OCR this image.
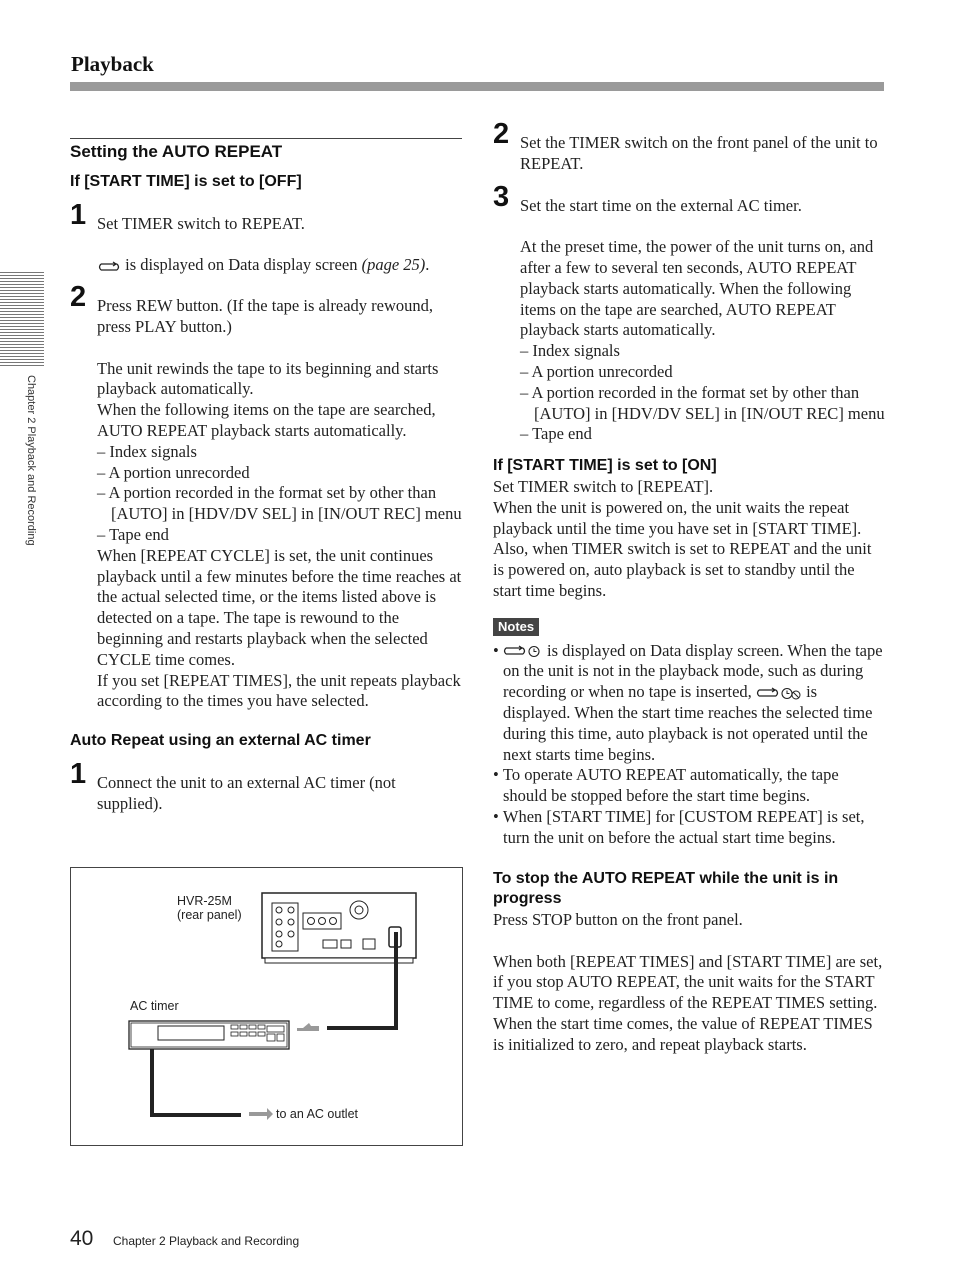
Playback
Chapter 2 Playback and Recording
Setting the AUTO REPEAT
If [START TIME] is set to [OFF]
1 Set TIMER switch to REPEAT.

is displayed on Data display screen (page 25).

2 Press REW button. (If the tape is already rewound, press PLAY button.)

The unit rewinds the tape to its beginning and starts playback automatically.

When the following items on the tape are searched, AUTO REPEAT playback starts automatically.

– Index signals

– A portion unrecorded

– A portion recorded in the format set by other than [AUTO] in [HDV/DV SEL] in [IN/OUT REC] menu

– Tape end

When [REPEAT CYCLE] is set, the unit continues playback until a few minutes before the time reaches at the actual selected time, or the items listed above is detected on a tape. The tape is rewound to the beginning and restarts playback when the selected CYCLE time comes.

If you set [REPEAT TIMES], the unit repeats playback according to the times you have selected.

Auto Repeat using an external AC timer
1 Connect the unit to an external AC timer (not supplied).

HVR-25M
(rear panel)
AC timer
to an AC outlet
2 Set the TIMER switch on the front panel of the unit to REPEAT.

3 Set the start time on the external AC timer.

At the preset time, the power of the unit turns on, and after a few to several ten seconds, AUTO REPEAT playback starts automatically. When the following items on the tape are searched, AUTO REPEAT playback starts automatically.

– Index signals

– A portion unrecorded

– A portion recorded in the format set by other than [AUTO] in [HDV/DV SEL] in [IN/OUT REC] menu

– Tape end

If [START TIME] is set to [ON]

Set TIMER switch to [REPEAT].

When the unit is powered on, the unit waits the repeat playback until the time you have set in [START TIME]. Also, when TIMER switch is set to REPEAT and the unit is powered on, auto playback is set to standby until the start time begins.

Notes

•  is displayed on Data display screen. When the tape on the unit is not in the playback mode, such as during recording or when no tape is inserted,	is displayed. When the start time reaches the selected time during this time, auto playback is not operated until the next starts time begins.

• To operate AUTO REPEAT automatically, the tape should be stopped before the start time begins.

• When [START TIME] for [CUSTOM REPEAT] is set, turn the unit on before the actual start time begins.

To stop the AUTO REPEAT while the unit is in progress

Press STOP button on the front panel.

When both [REPEAT TIMES] and [START TIME] are set, if you stop AUTO REPEAT, the unit waits for the START TIME to come, regardless of the REPEAT TIMES setting. When the start time comes, the value of REPEAT TIMES is initialized to zero, and repeat playback starts.

40 Chapter 2 Playback and Recording
